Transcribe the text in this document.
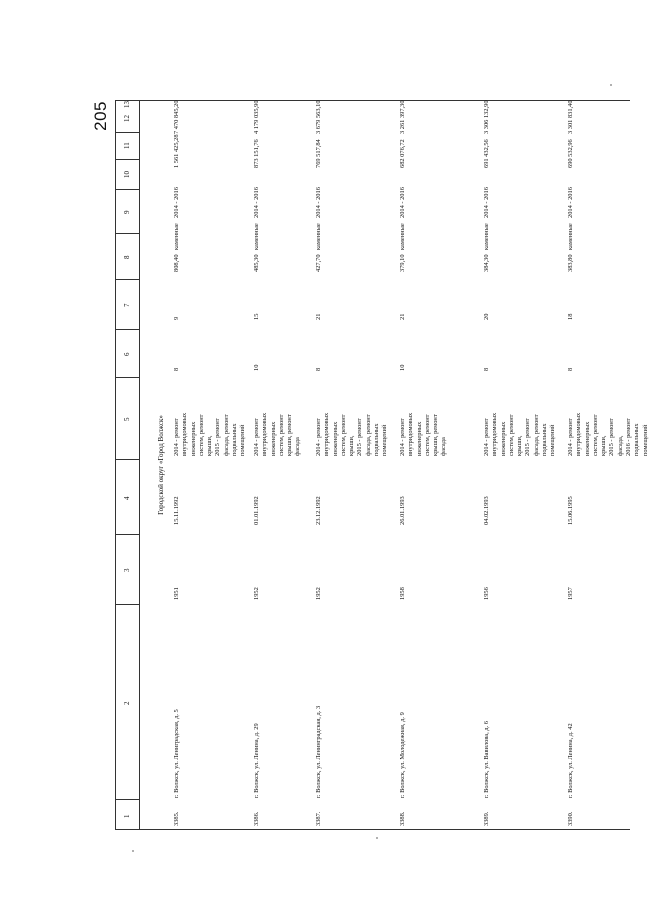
205
1
2
3
4
5
6
7
8
9
10
11
12
13
Городской округ «Город Волжск»
3385.
г. Волжск, ул. Лениградская, д. 5
1951
15.11.1992
2014 - ремонт внутридомовых инженерных систем, ремонт крыши, 2015 - ремонт фасада, ремонт подвальных помещений
8
9
808,40
каменные
2014 - 2016
1 561 425,28
7 470 845,20
3386.
г. Волжск, ул. Ленина, д. 29
1952
01.01.1992
2014 - ремонт внутридомовых инженерных систем, ремонт крыши, ремонт фасада
10
15
485,30
каменные
2014 - 2016
873 151,76
4 179 035,90
3387.
г. Волжск, ул. Ленинградская, д. 3
1952
23.12.1992
2014 - ремонт внутридомовых инженерных систем, ремонт крыши, 2015 - ремонт фасада, ремонт подвальных помещений
8
21
427,70
каменные
2014 - 2016
769 517,84
3 679 563,10
3388.
г. Волжск, ул. Молодежная, д. 9
1958
26.01.1993
2014 - ремонт внутридомовых инженерных систем, ремонт крыши, ремонт фасада
10
21
379,10
каменные
2014 - 2016
682 076,72
3 261 397,30
3389.
г. Волжск, ул. Вавилова, д. 6
1956
04.02.1993
2014 - ремонт внутридомовых инженерных систем, ремонт крыши, 2015 - ремонт фасада, ремонт подвальных помещений
8
20
384,30
каменные
2014 - 2016
691 432,56
3 306 132,90
3390.
г. Волжск, ул. Ленина, д. 42
1957
15.06.1995
2014 - ремонт внутридомовых инженерных систем, ремонт крыши, 2015 - ремонт фасада, 2016 - ремонт подвальных помещений
8
18
383,80
каменные
2014 - 2016
690 532,96
3 301 831,40
